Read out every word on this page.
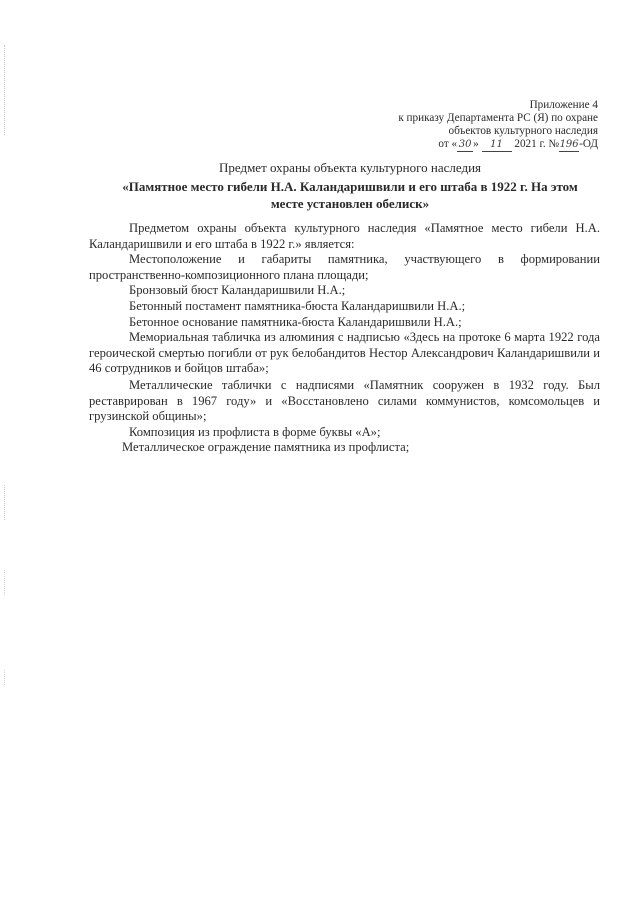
Приложение 4
к приказу Департамента РС (Я) по охране
объектов культурного наследия
от « 30 » 11 2021 г. №196-ОД
Предмет охраны объекта культурного наследия
«Памятное место гибели Н.А. Каландаришвили и его штаба в 1922 г. На этом месте установлен обелиск»

Предметом охраны объекта культурного наследия «Памятное место гибели Н.А. Каландаришвили и его штаба в 1922 г.» является:

Местоположение и габариты памятника, участвующего в формировании пространственно-композиционного плана площади;

Бронзовый бюст Каландаришвили Н.А.;

Бетонный постамент памятника-бюста Каландаришвили Н.А.;

Бетонное основание памятника-бюста Каландаришвили Н.А.;

Мемориальная табличка из алюминия с надписью «Здесь на протоке 6 марта 1922 года героической смертью погибли от рук белобандитов Нестор Александрович Каландаришвили и 46 сотрудников и бойцов штаба»;

Металлические таблички с надписями «Памятник сооружен в 1932 году. Был реставрирован в 1967 году» и «Восстановлено силами коммунистов, комсомольцев и грузинской общины»;

Композиция из профлиста в форме буквы «А»;

Металлическое ограждение памятника из профлиста;
